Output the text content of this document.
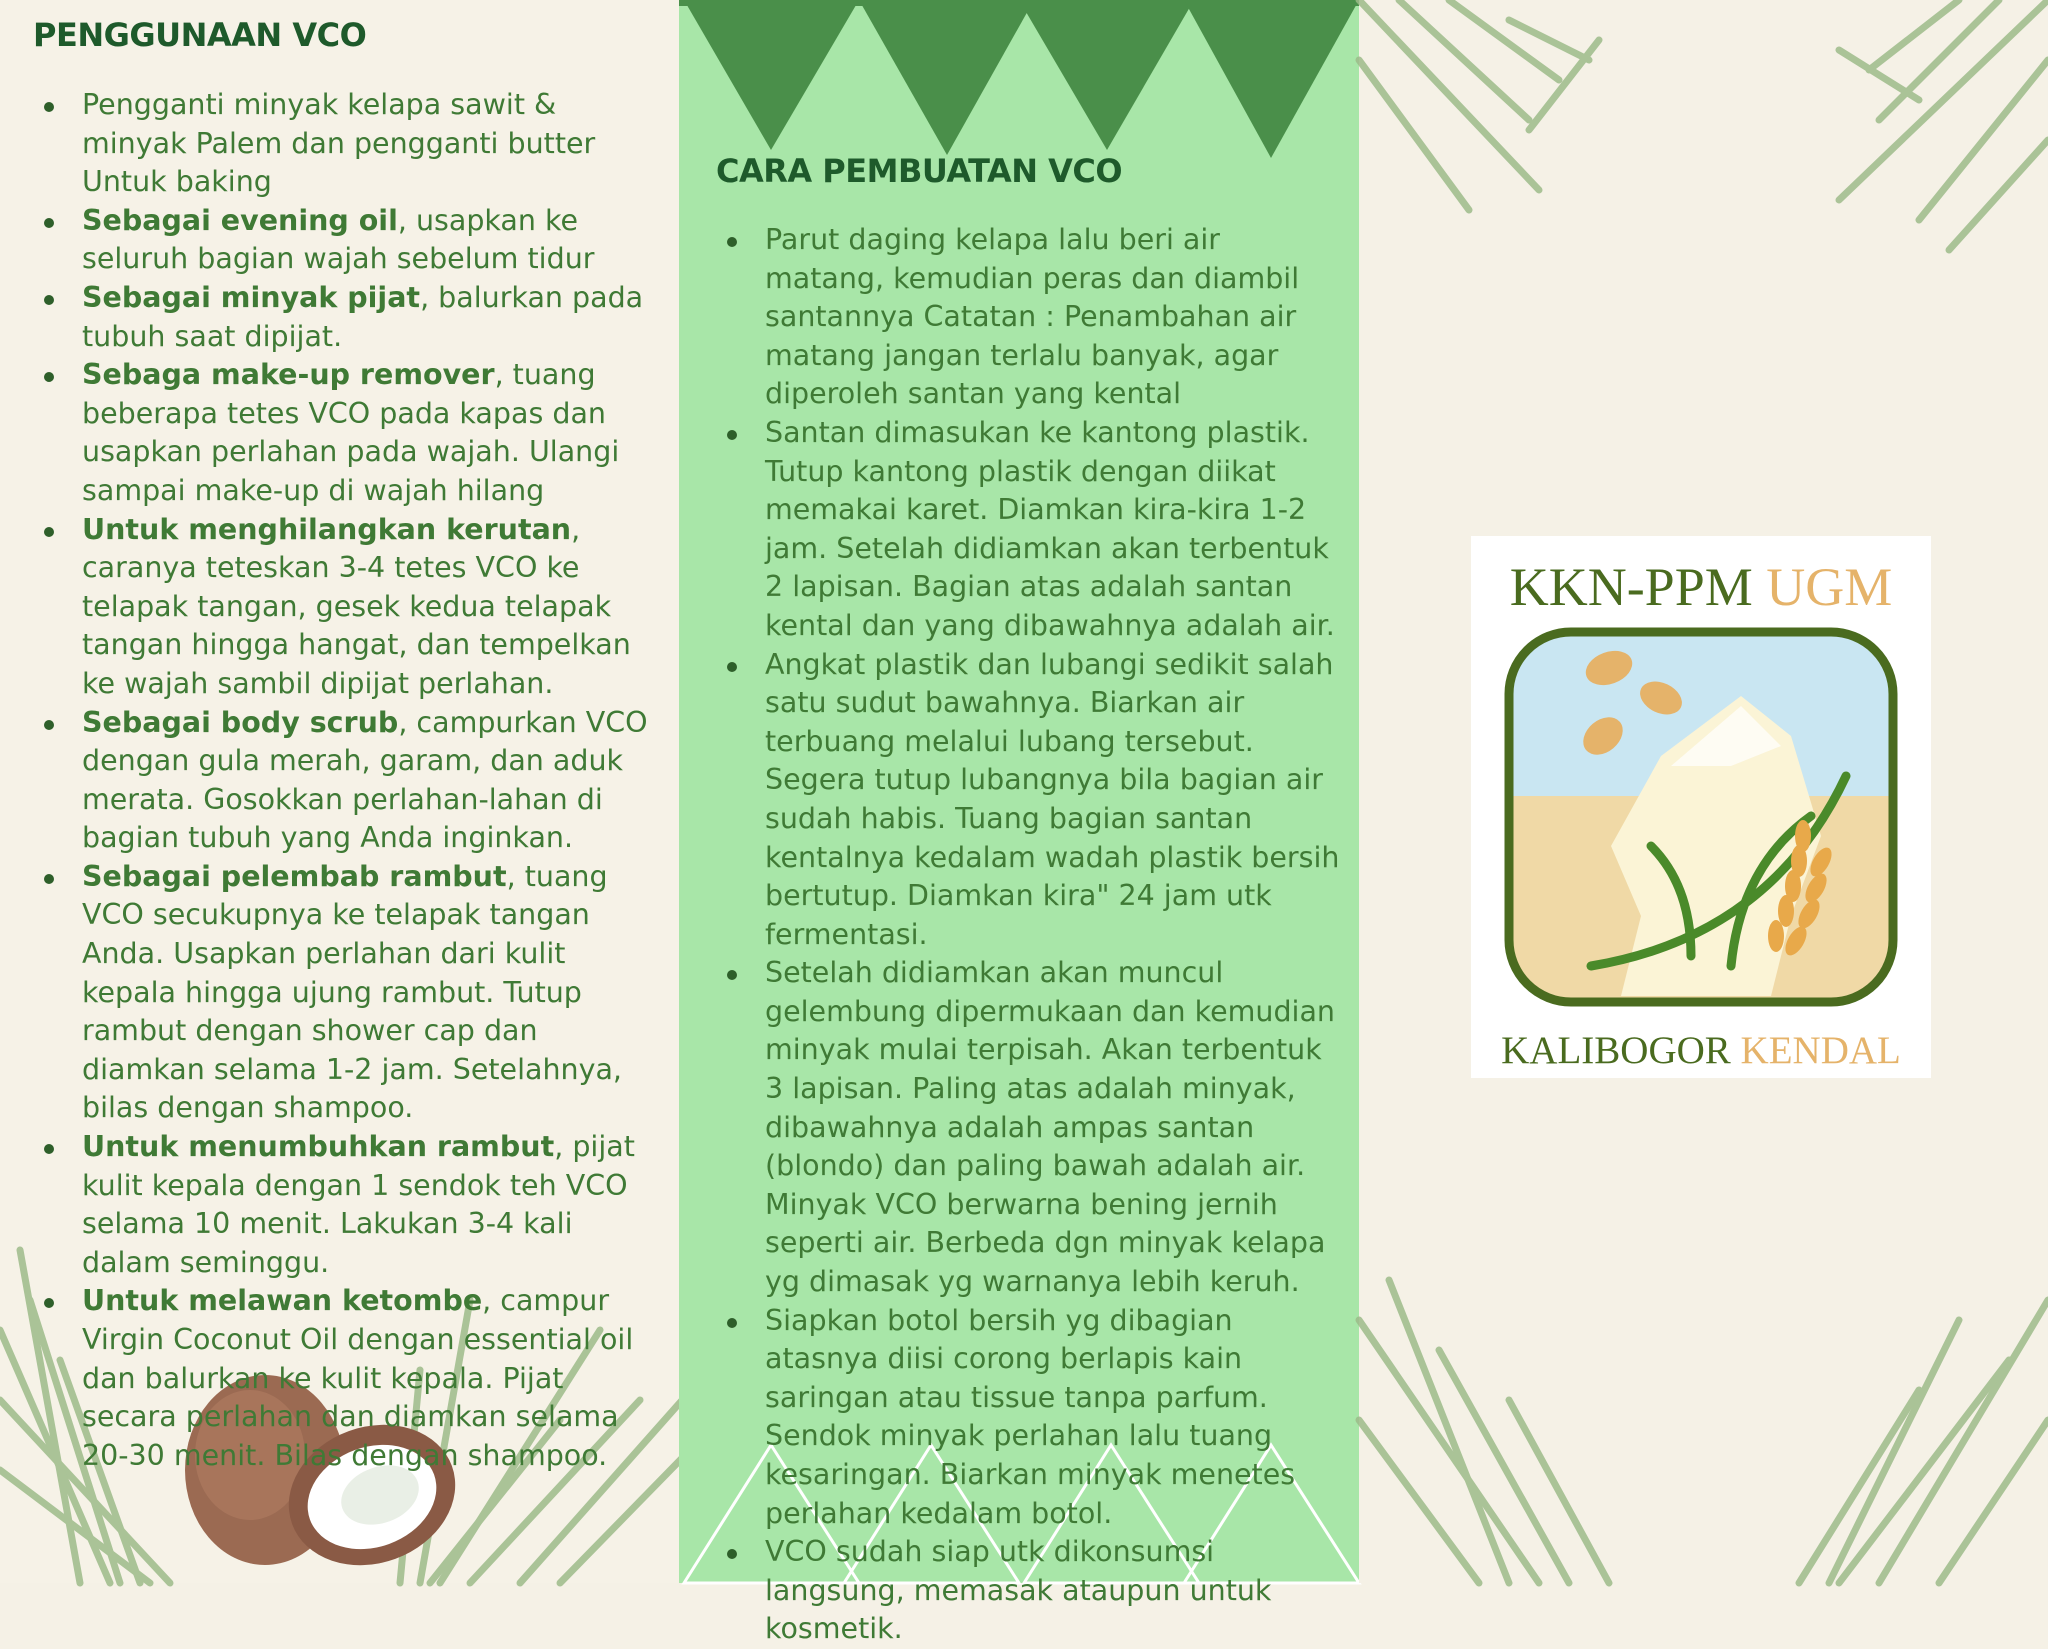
PENGGUNAAN VCO
Pengganti minyak kelapa sawit & minyak Palem dan pengganti butter Untuk baking
Sebagai evening oil, usapkan ke seluruh bagian wajah sebelum tidur
Sebagai minyak pijat, balurkan pada tubuh saat dipijat.
Sebaga make-up remover, tuang beberapa tetes VCO pada kapas dan usapkan perlahan pada wajah. Ulangi sampai make-up di wajah hilang
Untuk menghilangkan kerutan, caranya teteskan 3-4 tetes VCO ke telapak tangan, gesek kedua telapak tangan hingga hangat, dan tempelkan ke wajah sambil dipijat perlahan.
Sebagai body scrub, campurkan VCO dengan gula merah, garam, dan aduk merata. Gosokkan perlahan-lahan di bagian tubuh yang Anda inginkan.
Sebagai pelembab rambut, tuang VCO secukupnya ke telapak tangan Anda. Usapkan perlahan dari kulit kepala hingga ujung rambut. Tutup rambut dengan shower cap dan diamkan selama 1-2 jam. Setelahnya, bilas dengan shampoo.
Untuk menumbuhkan rambut, pijat kulit kepala dengan 1 sendok teh VCO selama 10 menit. Lakukan 3-4 kali dalam seminggu.
Untuk melawan ketombe, campur Virgin Coconut Oil dengan essential oil dan balurkan ke kulit kepala. Pijat secara perlahan dan diamkan selama 20-30 menit. Bilas dengan shampoo.
CARA PEMBUATAN VCO
Parut daging kelapa lalu beri air matang, kemudian peras dan diambil santannya Catatan : Penambahan air matang jangan terlalu banyak, agar diperoleh santan yang kental
Santan dimasukan ke kantong plastik. Tutup kantong plastik dengan diikat memakai karet. Diamkan kira-kira 1-2 jam. Setelah didiamkan akan terbentuk 2 lapisan. Bagian atas adalah santan kental dan yang dibawahnya adalah air.
Angkat plastik dan lubangi sedikit salah satu sudut bawahnya. Biarkan air terbuang melalui lubang tersebut. Segera tutup lubangnya bila bagian air sudah habis. Tuang bagian santan kentalnya kedalam wadah plastik bersih bertutup. Diamkan kira" 24 jam utk fermentasi.
Setelah didiamkan akan muncul gelembung dipermukaan dan kemudian minyak mulai terpisah. Akan terbentuk 3 lapisan. Paling atas adalah minyak, dibawahnya adalah ampas santan (blondo) dan paling bawah adalah air. Minyak VCO berwarna bening jernih seperti air. Berbeda dgn minyak kelapa yg dimasak yg warnanya lebih keruh.
Siapkan botol bersih yg dibagian atasnya diisi corong berlapis kain saringan atau tissue tanpa parfum. Sendok minyak perlahan lalu tuang kesaringan. Biarkan minyak menetes perlahan kedalam botol.
VCO sudah siap utk dikonsumsi langsung, memasak ataupun untuk kosmetik.
KKN-PPM UGM
KALIBOGOR KENDAL
